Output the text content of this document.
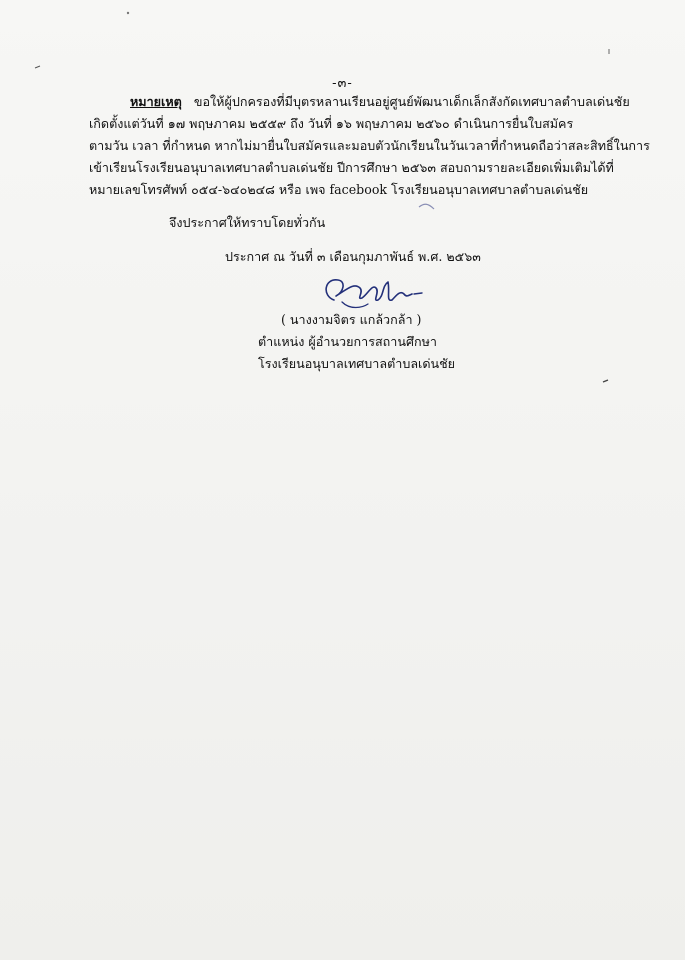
-๓-
หมายเหตุ ขอให้ผู้ปกครองที่มีบุตรหลานเรียนอยู่ศูนย์พัฒนาเด็กเล็กสังกัดเทศบาลตำบลเด่นชัย
เกิดตั้งแต่วันที่ ๑๗ พฤษภาคม ๒๕๕๙ ถึง วันที่ ๑๖ พฤษภาคม ๒๕๖๐ ดำเนินการยื่นใบสมัคร
ตามวัน เวลา ที่กำหนด หากไม่มายื่นใบสมัครและมอบตัวนักเรียนในวันเวลาที่กำหนดถือว่าสละสิทธิ์ในการ
เข้าเรียนโรงเรียนอนุบาลเทศบาลตำบลเด่นชัย ปีการศึกษา ๒๕๖๓ สอบถามรายละเอียดเพิ่มเติมได้ที่
หมายเลขโทรศัพท์ ๐๕๔-๖๔๐๒๔๘ หรือ เพจ facebook โรงเรียนอนุบาลเทศบาลตำบลเด่นชัย
จึงประกาศให้ทราบโดยทั่วกัน
ประกาศ ณ วันที่ ๓ เดือนกุมภาพันธ์ พ.ศ. ๒๕๖๓
( นางงามจิตร แกล้วกล้า )
ตำแหน่ง ผู้อำนวยการสถานศึกษา
โรงเรียนอนุบาลเทศบาลตำบลเด่นชัย
